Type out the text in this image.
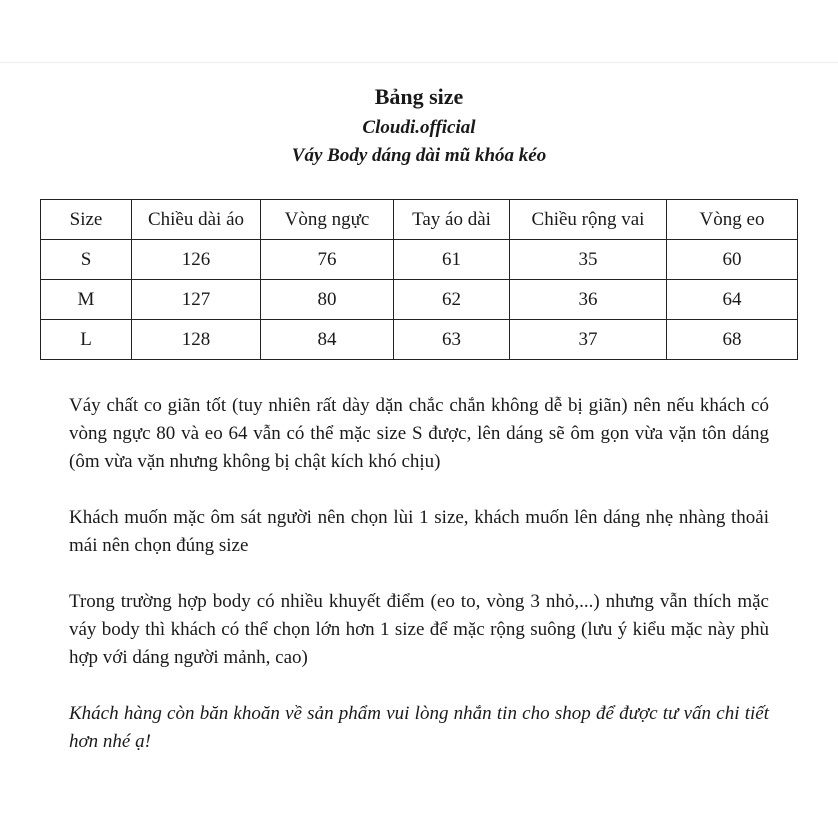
Bảng size
Cloudi.official
Váy Body dáng dài mũ khóa kéo
Size	Chiều dài áo	Vòng ngực	Tay áo dài	Chiều rộng vai	Vòng eo
S	126	76	61	35	60
M	127	80	62	36	64
L	128	84	63	37	68

Váy chất co giãn tốt (tuy nhiên rất dày dặn chắc chắn không dễ bị giãn) nên nếu khách có vòng ngực 80 và eo 64 vẫn có thể mặc size S được, lên dáng sẽ ôm gọn vừa vặn tôn dáng (ôm vừa vặn nhưng không bị chật kích khó chịu)

Khách muốn mặc ôm sát người nên chọn lùi 1 size, khách muốn lên dáng nhẹ nhàng thoải mái nên chọn đúng size

Trong trường hợp body có nhiều khuyết điểm (eo to, vòng 3 nhỏ,...) nhưng vẫn thích mặc váy body thì khách có thể chọn lớn hơn 1 size để mặc rộng suông (lưu ý kiểu mặc này phù hợp với dáng người mảnh, cao)

Khách hàng còn băn khoăn về sản phẩm vui lòng nhắn tin cho shop để được tư vấn chi tiết hơn nhé ạ!
